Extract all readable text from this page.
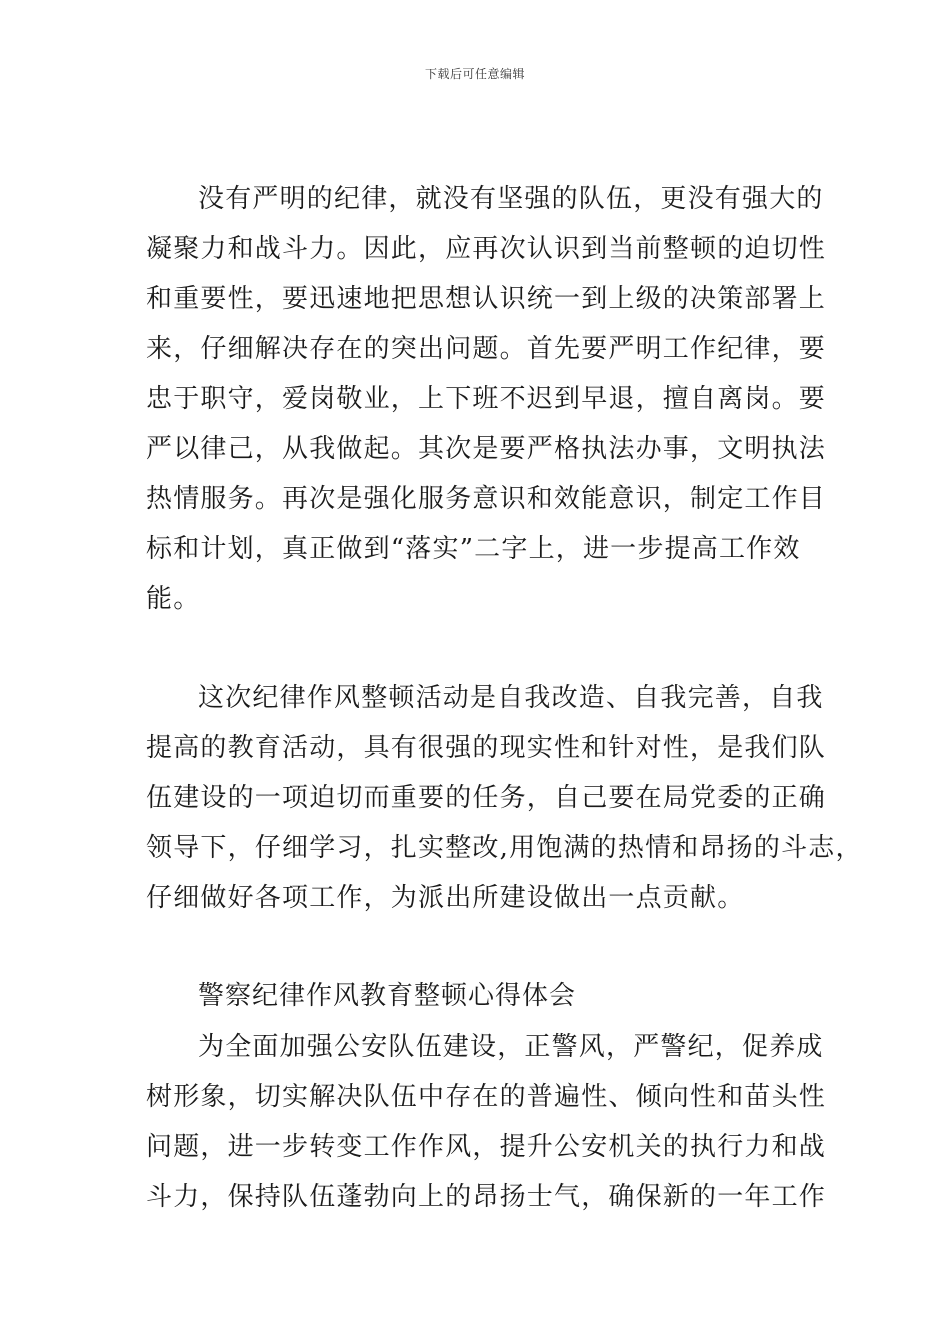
下载后可任意编辑
没有严明的纪律，就没有坚强的队伍，更没有强大的
凝聚力和战斗力。因此，应再次认识到当前整顿的迫切性
和重要性，要迅速地把思想认识统一到上级的决策部署上
来，仔细解决存在的突出问题。首先要严明工作纪律，要
忠于职守，爱岗敬业，上下班不迟到早退，擅自离岗。要
严以律己，从我做起。其次是要严格执法办事，文明执法
热情服务。再次是强化服务意识和效能意识，制定工作目
标和计划，真正做到“落实”二字上，进一步提高工作效
能。
这次纪律作风整顿活动是自我改造、自我完善，自我
提高的教育活动，具有很强的现实性和针对性，是我们队
伍建设的一项迫切而重要的任务，自己要在局党委的正确
领导下，仔细学习，扎实整改,用饱满的热情和昂扬的斗志，
仔细做好各项工作，为派出所建设做出一点贡献。
警察纪律作风教育整顿心得体会
为全面加强公安队伍建设，正警风，严警纪，促养成
树形象，切实解决队伍中存在的普遍性、倾向性和苗头性
问题，进一步转变工作作风，提升公安机关的执行力和战
斗力，保持队伍蓬勃向上的昂扬士气，确保新的一年工作
